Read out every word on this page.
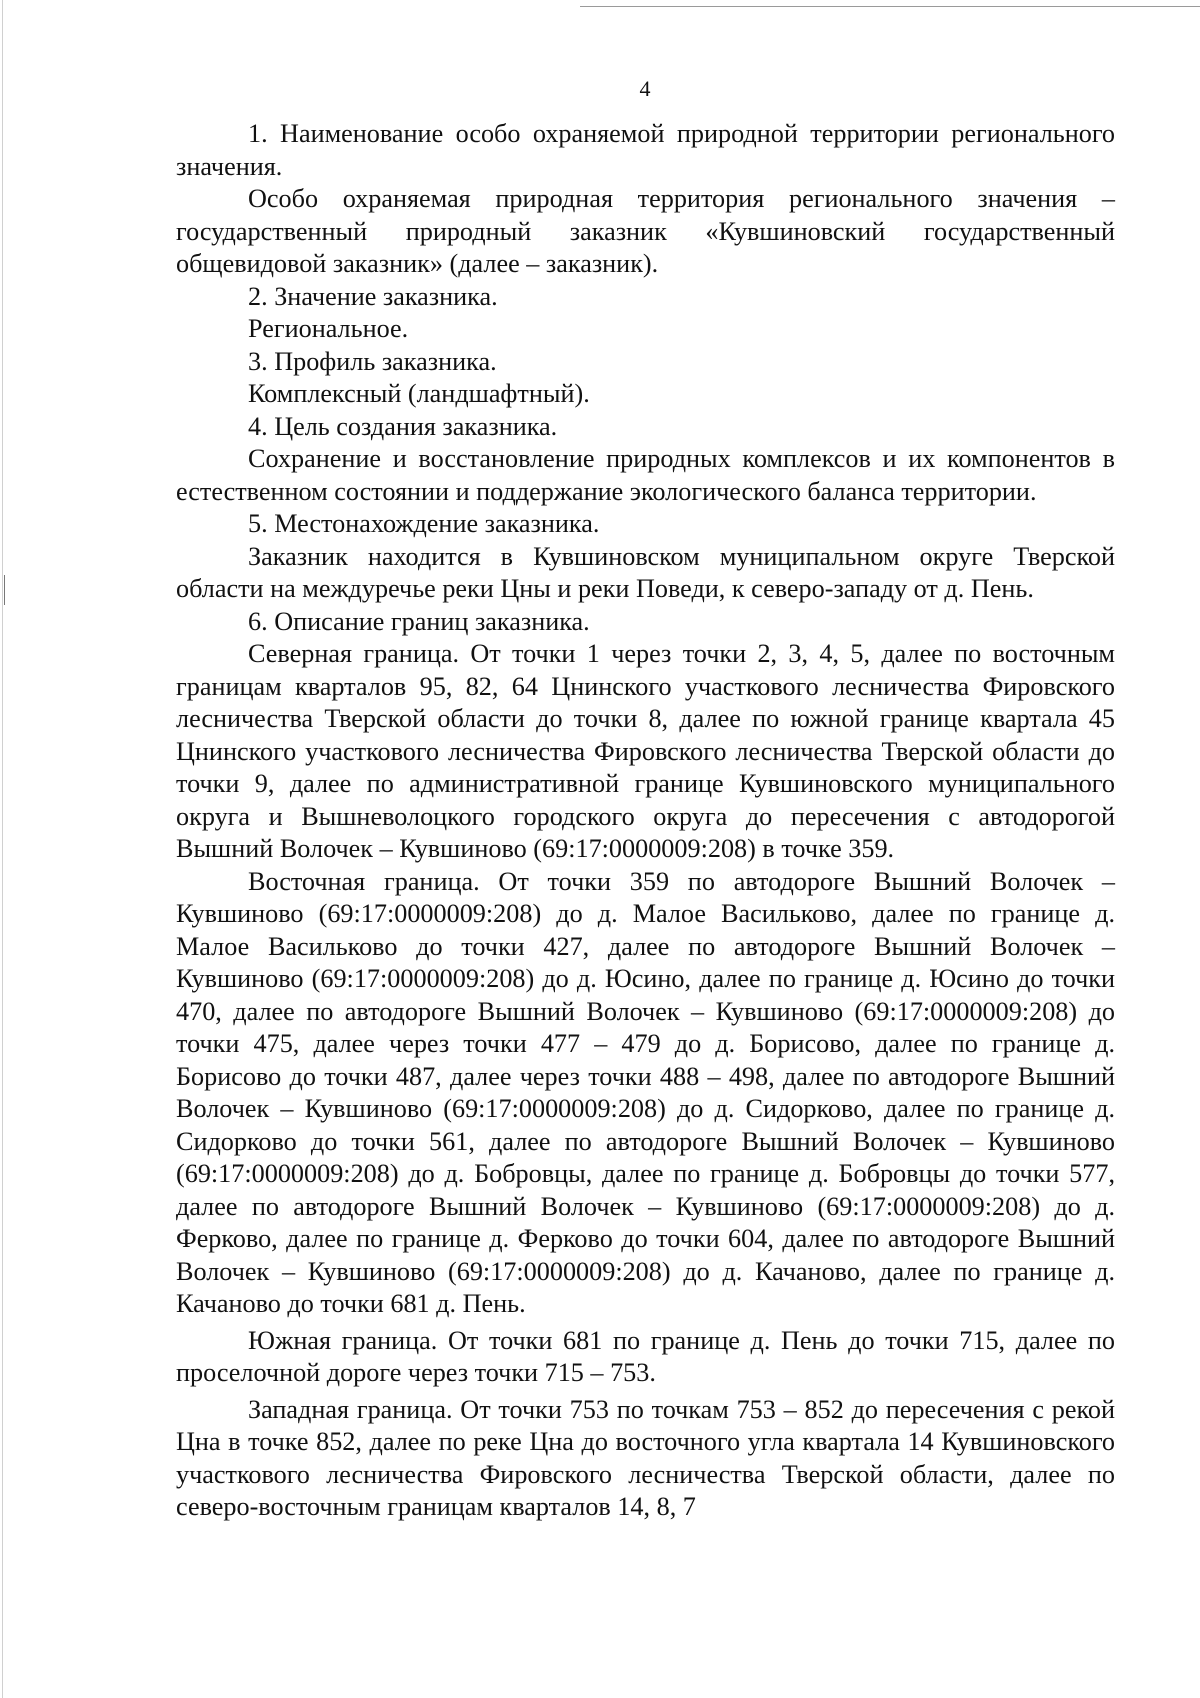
4

1. Наименование особо охраняемой природной территории регионального значения.

Особо охраняемая природная территория регионального значения – государственный природный заказник «Кувшиновский государственный общевидовой заказник» (далее – заказник).

2. Значение заказника.

Региональное.

3. Профиль заказника.

Комплексный (ландшафтный).

4. Цель создания заказника.

Сохранение и восстановление природных комплексов и их компонентов в естественном состоянии и поддержание экологического баланса территории.

5. Местонахождение заказника.

Заказник находится в Кувшиновском муниципальном округе Тверской области на междуречье реки Цны и реки Поведи, к северо-западу от д. Пень.

6. Описание границ заказника.

Северная граница. От точки 1 через точки 2, 3, 4, 5, далее по восточным границам кварталов 95, 82, 64 Цнинского участкового лесничества Фировского лесничества Тверской области до точки 8, далее по южной границе квартала 45 Цнинского участкового лесничества Фировского лесничества Тверской области до точки 9, далее по административной границе Кувшиновского муниципального округа и Вышневолоцкого городского округа до пересечения с автодорогой Вышний Волочек – Кувшиново (69:17:0000009:208) в точке 359.

Восточная граница. От точки 359 по автодороге Вышний Волочек – Кувшиново (69:17:0000009:208) до д. Малое Васильково, далее по границе д. Малое Васильково до точки 427, далее по автодороге Вышний Волочек – Кувшиново (69:17:0000009:208) до д. Юсино, далее по границе д. Юсино до точки 470, далее по автодороге Вышний Волочек – Кувшиново (69:17:0000009:208) до точки 475, далее через точки 477 – 479 до д. Борисово, далее по границе д. Борисово до точки 487, далее через точки 488 – 498, далее по автодороге Вышний Волочек – Кувшиново (69:17:0000009:208) до д. Сидорково, далее по границе д. Сидорково до точки 561, далее по автодороге Вышний Волочек – Кувшиново (69:17:0000009:208) до д. Бобровцы, далее по границе д. Бобровцы до точки 577, далее по автодороге Вышний Волочек – Кувшиново (69:17:0000009:208) до д. Ферково, далее по границе д. Ферково до точки 604, далее по автодороге Вышний Волочек – Кувшиново (69:17:0000009:208) до д. Качаново, далее по границе д. Качаново до точки 681 д. Пень.

Южная граница. От точки 681 по границе д. Пень до точки 715, далее по проселочной дороге через точки 715 – 753.

Западная граница. От точки 753 по точкам 753 – 852 до пересечения с рекой Цна в точке 852, далее по реке Цна до восточного угла квартала 14 Кувшиновского участкового лесничества Фировского лесничества Тверской области, далее по северо-восточным границам кварталов 14, 8, 7
